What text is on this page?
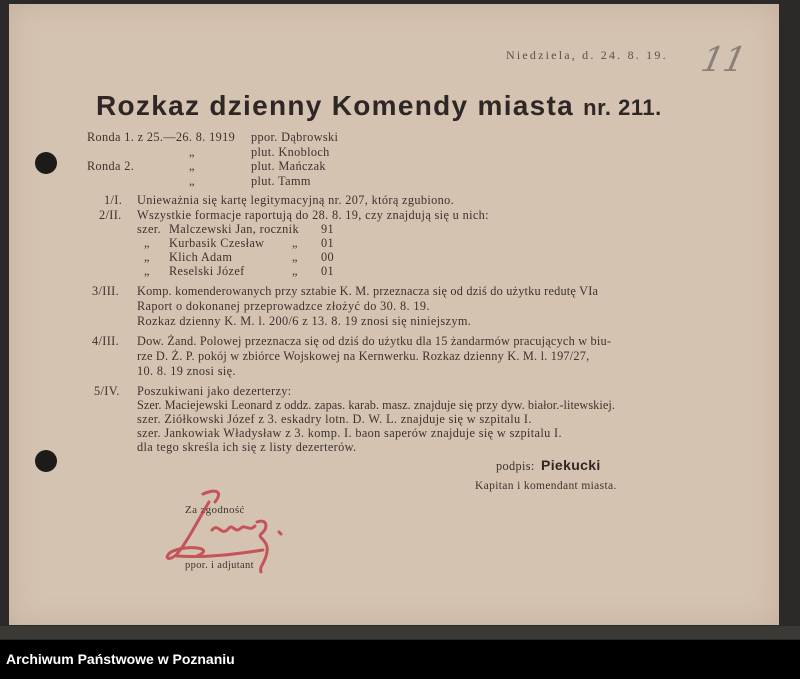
Niedziela, d. 24. 8. 19. 11
Rozkaz dzienny Komendy miasta nr. 211.
Ronda 1. z 25.—26. 8. 1919 ppor. Dąbrowski
„	plut. Knobloch
Ronda 2.	„	plut. Mańczak
„	plut. Tamm
1/I. Unieważnia się kartę legitymacyjną nr. 207, którą zgubiono.
2/II. Wszystkie formacje raportują do 28. 8. 19, czy znajdują się u nich:
szer. Malczewski Jan, rocznik 91
„ Kurbasik Czesław „ 01
„ Klich Adam	„ 00
„ Reselski Józef	„ 01
3/III. Komp. komenderowanych przy sztabie K. M. przeznacza się od dziś do użytku redutę VIa
Raport o dokonanej przeprowadzce złożyć do 30. 8. 19.
Rozkaz dzienny K. M. l. 200/6 z 13. 8. 19 znosi się niniejszym.
4/III. Dow. Żand. Polowej przeznacza się od dziś do użytku dla 15 żandarmów pracujących w biu-
rze D. Ż. P. pokój w zbiórce Wojskowej na Kernwerku. Rozkaz dzienny K. M. l. 197/27,
10. 8. 19 znosi się.
5/IV. Poszukiwani jako dezerterzy:
Szer. Maciejewski Leonard z oddz. zapas. karab. masz. znajduje się przy dyw. białor.-litewskiej.
szer. Ziółkowski Józef z 3. eskadry lotn. D. W. L. znajduje się w szpitalu I.
szer. Jankowiak Władysław z 3. komp. I. baon saperów znajduje się w szpitalu I.
dla tego skreśla ich się z listy dezerterów.
podpis: Piekucki
Kapitan i komendant miasta.
Za zgodność
ppor. i adjutant
Archiwum Państwowe w Poznaniu
